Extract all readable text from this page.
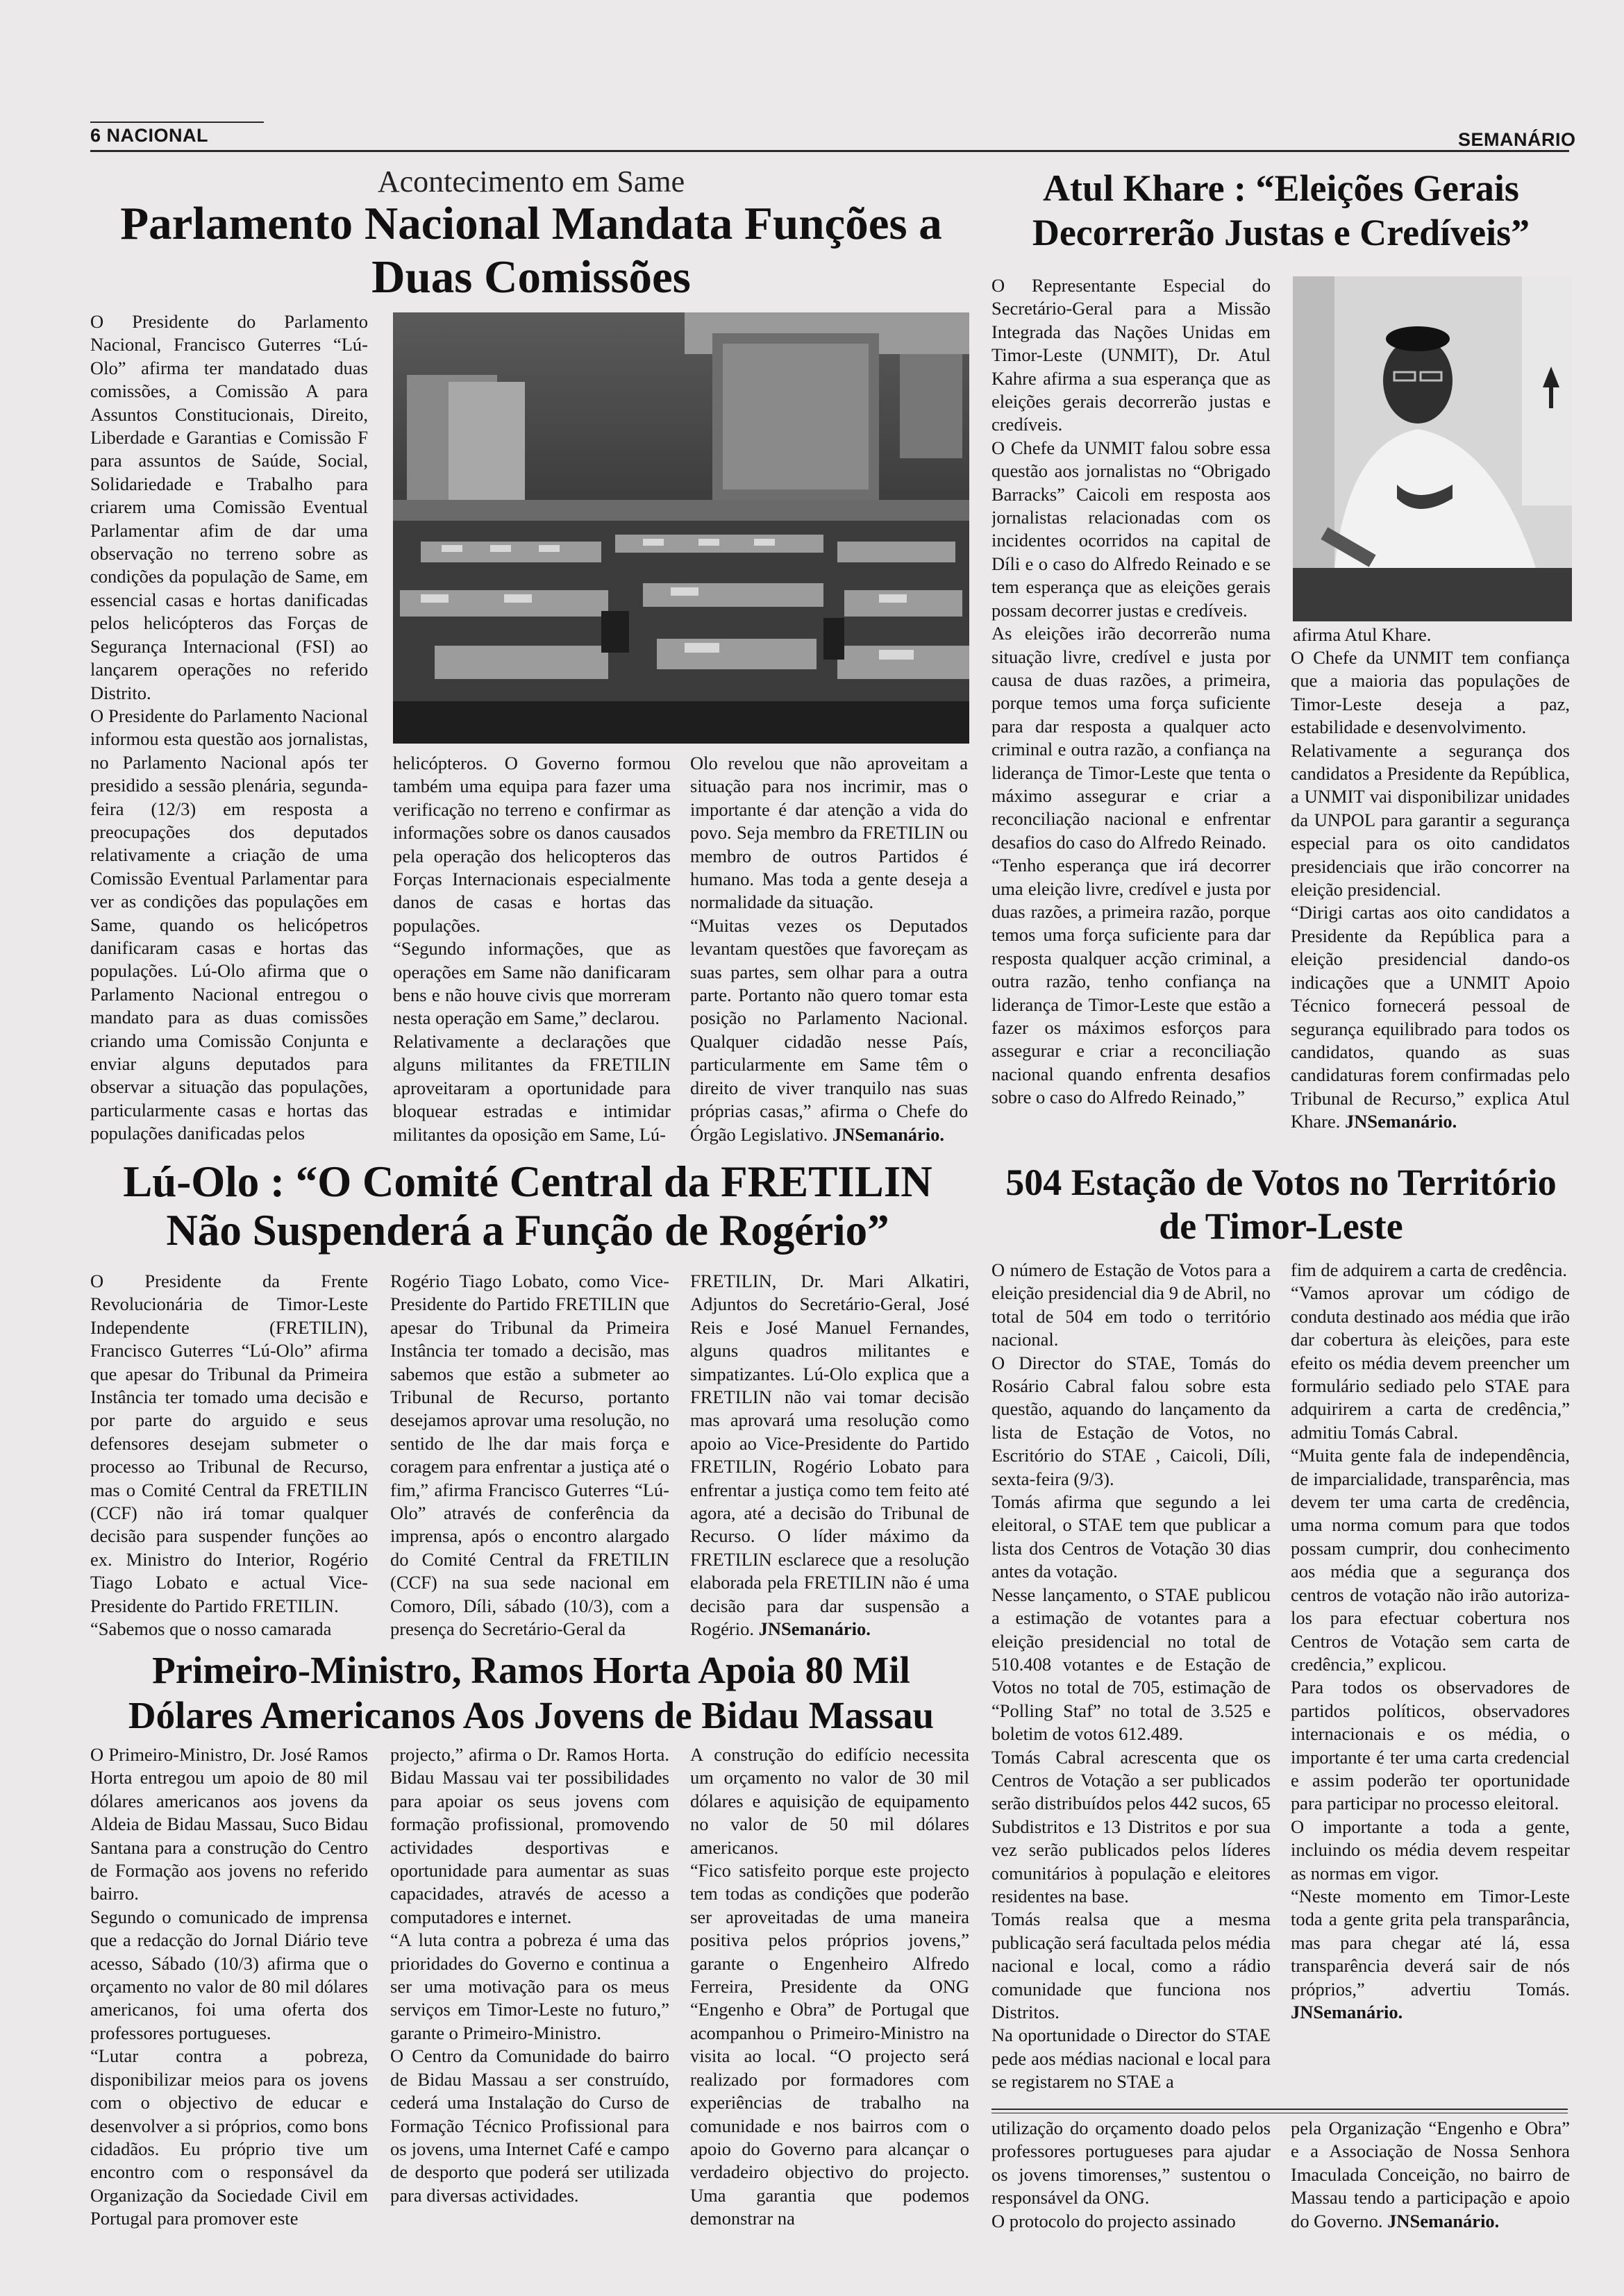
6 NACIONAL	SEMANÁRIO
Acontecimento em Same
Parlamento Nacional Mandata Funções a
Duas Comissões

O Presidente do Parlamento Nacional, Francisco Guterres “Lú-Olo” afirma ter mandatado duas comissões, a Comissão A para Assuntos Constitucionais, Direito, Liberdade e Garantias e Comissão F para assuntos de Saúde, Social, Solidariedade e Trabalho para criarem uma Comissão Eventual Parlamentar afim de dar uma observação no terreno sobre as condições da população de Same, em essencial casas e hortas danificadas pelos helicópteros das Forças de Segurança Internacional (FSI) ao lançarem operações no referido Distrito.

O Presidente do Parlamento Nacional informou esta questão aos jornalistas, no Parlamento Nacional após ter presidido a sessão plenária, segunda-feira (12/3) em resposta a preocupações dos deputados relativamente a criação de uma Comissão Eventual Parlamentar para ver as condições das populações em Same, quando os helicópetros danificaram casas e hortas das populações. Lú-Olo afirma que o Parlamento Nacional entregou o mandato para as duas comissões criando uma Comissão Conjunta e enviar alguns deputados para observar a situação das populações, particularmente casas e hortas das populações danificadas pelos

helicópteros. O Governo formou também uma equipa para fazer uma verificação no terreno e confirmar as informações sobre os danos causados pela operação dos helicopteros das Forças Internacionais especialmente danos de casas e hortas das populações.

“Segundo informações, que as operações em Same não danificaram bens e não houve civis que morreram nesta operação em Same,” declarou.

Relativamente a declarações que alguns militantes da FRETILIN aproveitaram a oportunidade para bloquear estradas e intimidar militantes da oposição em Same, Lú-

Olo revelou que não aproveitam a situação para nos incrimir, mas o importante é dar atenção a vida do povo. Seja membro da FRETILIN ou membro de outros Partidos é humano. Mas toda a gente deseja a normalidade da situação.

“Muitas vezes os Deputados levantam questões que favoreçam as suas partes, sem olhar para a outra parte. Portanto não quero tomar esta posição no Parlamento Nacional. Qualquer cidadão nesse País, particularmente em Same têm o direito de viver tranquilo nas suas próprias casas,” afirma o Chefe do Órgão Legislativo. JNSemanário.

Atul Khare : “Eleições Gerais
Decorrerão Justas e Credíveis”

O Representante Especial do Secretário-Geral para a Missão Integrada das Nações Unidas em Timor-Leste (UNMIT), Dr. Atul Kahre afirma a sua esperança que as eleições gerais decorrerão justas e credíveis.

O Chefe da UNMIT falou sobre essa questão aos jornalistas no “Obrigado Barracks” Caicoli em resposta aos jornalistas relacionadas com os incidentes ocorridos na capital de Díli e o caso do Alfredo Reinado e se tem esperança que as eleições gerais possam decorrer justas e credíveis.

As eleições irão decorrerão numa situação livre, credível e justa por causa de duas razões, a primeira, porque temos uma força suficiente para dar resposta a qualquer acto criminal e outra razão, a confiança na liderança de Timor-Leste que tenta o máximo assegurar e criar a reconciliação nacional e enfrentar desafios do caso do Alfredo Reinado.

“Tenho esperança que irá decorrer uma eleição livre, credível e justa por duas razões, a primeira razão, porque temos uma força suficiente para dar resposta qualquer acção criminal, a outra razão, tenho confiança na liderança de Timor-Leste que estão a fazer os máximos esforços para assegurar e criar a reconciliação nacional quando enfrenta desafios sobre o caso do Alfredo Reinado,”

afirma Atul Khare.

O Chefe da UNMIT tem confiança que a maioria das populações de Timor-Leste deseja a paz, estabilidade e desenvolvimento.

Relativamente a segurança dos candidatos a Presidente da República, a UNMIT vai disponibilizar unidades da UNPOL para garantir a segurança especial para os oito candidatos presidenciais que irão concorrer na eleição presidencial.

“Dirigi cartas aos oito candidatos a Presidente da República para a eleição presidencial dando-os indicações que a UNMIT Apoio Técnico fornecerá pessoal de segurança equilibrado para todos os candidatos, quando as suas candidaturas forem confirmadas pelo Tribunal de Recurso,” explica Atul Khare. JNSemanário.

Lú-Olo : “O Comité Central da FRETILIN
Não Suspenderá a Função de Rogério”

O Presidente da Frente Revolucionária de Timor-Leste Independente (FRETILIN), Francisco Guterres “Lú-Olo” afirma que apesar do Tribunal da Primeira Instância ter tomado uma decisão e por parte do arguido e seus defensores desejam submeter o processo ao Tribunal de Recurso, mas o Comité Central da FRETILIN (CCF) não irá tomar qualquer decisão para suspender funções ao ex. Ministro do Interior, Rogério Tiago Lobato e actual Vice-Presidente do Partido FRETILIN.

“Sabemos que o nosso camarada

Rogério Tiago Lobato, como Vice-Presidente do Partido FRETILIN que apesar do Tribunal da Primeira Instância ter tomado a decisão, mas sabemos que estão a submeter ao Tribunal de Recurso, portanto desejamos aprovar uma resolução, no sentido de lhe dar mais força e coragem para enfrentar a justiça até o fim,” afirma Francisco Guterres “Lú-Olo” através de conferência da imprensa, após o encontro alargado do Comité Central da FRETILIN (CCF) na sua sede nacional em Comoro, Díli, sábado (10/3), com a presença do Secretário-Geral da

FRETILIN, Dr. Mari Alkatiri, Adjuntos do Secretário-Geral, José Reis e José Manuel Fernandes, alguns quadros militantes e simpatizantes. Lú-Olo explica que a FRETILIN não vai tomar decisão mas aprovará uma resolução como apoio ao Vice-Presidente do Partido FRETILIN, Rogério Lobato para enfrentar a justiça como tem feito até agora, até a decisão do Tribunal de Recurso. O líder máximo da FRETILIN esclarece que a resolução elaborada pela FRETILIN não é uma decisão para dar suspensão a Rogério. JNSemanário.

504 Estação de Votos no Território
de Timor-Leste

O número de Estação de Votos para a eleição presidencial dia 9 de Abril, no total de 504 em todo o território nacional.

O Director do STAE, Tomás do Rosário Cabral falou sobre esta questão, aquando do lançamento da lista de Estação de Votos, no Escritório do STAE , Caicoli, Díli, sexta-feira (9/3).

Tomás afirma que segundo a lei eleitoral, o STAE tem que publicar a lista dos Centros de Votação 30 dias antes da votação.

Nesse lançamento, o STAE publicou a estimação de votantes para a eleição presidencial no total de 510.408 votantes e de Estação de Votos no total de 705, estimação de “Polling Staf” no total de 3.525 e boletim de votos 612.489.

Tomás Cabral acrescenta que os Centros de Votação a ser publicados serão distribuídos pelos 442 sucos, 65 Subdistritos e 13 Distritos e por sua vez serão publicados pelos líderes comunitários à população e eleitores residentes na base.

Tomás realsa que a mesma publicação será facultada pelos média nacional e local, como a rádio comunidade que funciona nos Distritos.

Na oportunidade o Director do STAE pede aos médias nacional e local para se registarem no STAE a

fim de adquirem a carta de credência.

“Vamos aprovar um código de conduta destinado aos média que irão dar cobertura às eleições, para este efeito os média devem preencher um formulário sediado pelo STAE para adquirirem a carta de credência,” admitiu Tomás Cabral.

“Muita gente fala de independência, de imparcialidade, transparência, mas devem ter uma carta de credência, uma norma comum para que todos possam cumprir, dou conhecimento aos média que a segurança dos centros de votação não irão autoriza-los para efectuar cobertura nos Centros de Votação sem carta de credência,” explicou.

Para todos os observadores de partidos políticos, observadores internacionais e os média, o importante é ter uma carta credencial e assim poderão ter oportunidade para participar no processo eleitoral.

O importante a toda a gente, incluindo os média devem respeitar as normas em vigor.

“Neste momento em Timor-Leste toda a gente grita pela transparância, mas para chegar até lá, essa transparência deverá sair de nós próprios,” advertiu Tomás. JNSemanário.

Primeiro-Ministro, Ramos Horta Apoia 80 Mil
Dólares Americanos Aos Jovens de Bidau Massau

O Primeiro-Ministro, Dr. José Ramos Horta entregou um apoio de 80 mil dólares americanos aos jovens da Aldeia de Bidau Massau, Suco Bidau Santana para a construção do Centro de Formação aos jovens no referido bairro.

Segundo o comunicado de imprensa que a redacção do Jornal Diário teve acesso, Sábado (10/3) afirma que o orçamento no valor de 80 mil dólares americanos, foi uma oferta dos professores portugueses.

“Lutar contra a pobreza, disponibilizar meios para os jovens com o objectivo de educar e desenvolver a si próprios, como bons cidadãos. Eu próprio tive um encontro com o responsável da Organização da Sociedade Civil em Portugal para promover este

projecto,” afirma o Dr. Ramos Horta. Bidau Massau vai ter possibilidades para apoiar os seus jovens com formação profissional, promovendo actividades desportivas e oportunidade para aumentar as suas capacidades, através de acesso a computadores e internet.

“A luta contra a pobreza é uma das prioridades do Governo e continua a ser uma motivação para os meus serviços em Timor-Leste no futuro,” garante o Primeiro-Ministro.

O Centro da Comunidade do bairro de Bidau Massau a ser construído, cederá uma Instalação do Curso de Formação Técnico Profissional para os jovens, uma Internet Café e campo de desporto que poderá ser utilizada para diversas actividades.

A construção do edifício necessita um orçamento no valor de 30 mil dólares e aquisição de equipamento no valor de 50 mil dólares americanos.

“Fico satisfeito porque este projecto tem todas as condições que poderão ser aproveitadas de uma maneira positiva pelos próprios jovens,” garante o Engenheiro Alfredo Ferreira, Presidente da ONG “Engenho e Obra” de Portugal que acompanhou o Primeiro-Ministro na visita ao local. “O projecto será realizado por formadores com experiências de trabalho na comunidade e nos bairros com o apoio do Governo para alcançar o verdadeiro objectivo do projecto. Uma garantia que podemos demonstrar na

utilização do orçamento doado pelos professores portugueses para ajudar os jovens timorenses,” sustentou o responsável da ONG.

O protocolo do projecto assinado

pela Organização “Engenho e Obra” e a Associação de Nossa Senhora Imaculada Conceição, no bairro de Massau tendo a participação e apoio do Governo. JNSemanário.
